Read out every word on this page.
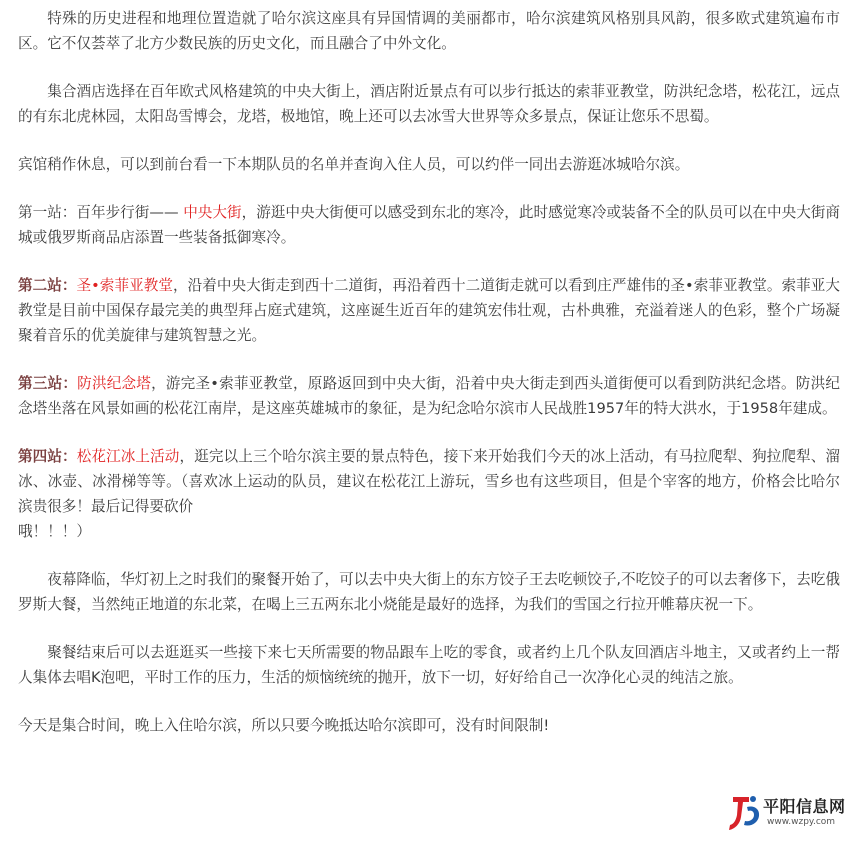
特殊的历史进程和地理位置造就了哈尔滨这座具有异国情调的美丽都市，哈尔滨建筑风格别具风韵，很多欧式建筑遍布市区。它不仅荟萃了北方少数民族的历史文化，而且融合了中外文化。

集合酒店选择在百年欧式风格建筑的中央大街上，酒店附近景点有可以步行抵达的索菲亚教堂，防洪纪念塔，松花江，远点的有东北虎林园，太阳岛雪博会，龙塔，极地馆，晚上还可以去冰雪大世界等众多景点，保证让您乐不思蜀。

宾馆稍作休息，可以到前台看一下本期队员的名单并查询入住人员，可以约伴一同出去游逛冰城哈尔滨。

第一站：百年步行街—— 中央大街，游逛中央大街便可以感受到东北的寒冷，此时感觉寒冷或装备不全的队员可以在中央大街商城或俄罗斯商品店添置一些装备抵御寒冷。

第二站：圣•索菲亚教堂，沿着中央大街走到西十二道街，再沿着西十二道街走就可以看到庄严雄伟的圣•索菲亚教堂。索菲亚大教堂是目前中国保存最完美的典型拜占庭式建筑，这座诞生近百年的建筑宏伟壮观，古朴典雅，充溢着迷人的色彩，整个广场凝聚着音乐的优美旋律与建筑智慧之光。

第三站：防洪纪念塔，游完圣•索菲亚教堂，原路返回到中央大街，沿着中央大街走到西头道街便可以看到防洪纪念塔。防洪纪念塔坐落在风景如画的松花江南岸，是这座英雄城市的象征，是为纪念哈尔滨市人民战胜1957年的特大洪水，于1958年建成。

第四站：松花江冰上活动，逛完以上三个哈尔滨主要的景点特色，接下来开始我们今天的冰上活动，有马拉爬犁、狗拉爬犁、溜冰、冰壶、冰滑梯等等。（喜欢冰上运动的队员，建议在松花江上游玩，雪乡也有这些项目，但是个宰客的地方，价格会比哈尔滨贵很多！最后记得要砍价
哦！！！）

夜幕降临，华灯初上之时我们的聚餐开始了，可以去中央大街上的东方饺子王去吃顿饺子,不吃饺子的可以去奢侈下，去吃俄罗斯大餐，当然纯正地道的东北菜，在喝上三五两东北小烧能是最好的选择，为我们的雪国之行拉开帷幕庆祝一下。

聚餐结束后可以去逛逛买一些接下来七天所需要的物品跟车上吃的零食，或者约上几个队友回酒店斗地主，又或者约上一帮人集体去唱K泡吧，平时工作的压力，生活的烦恼统统的抛开，放下一切，好好给自己一次净化心灵的纯洁之旅。

今天是集合时间，晚上入住哈尔滨，所以只要今晚抵达哈尔滨即可，没有时间限制!

平阳信息网
www.wzpy.com
